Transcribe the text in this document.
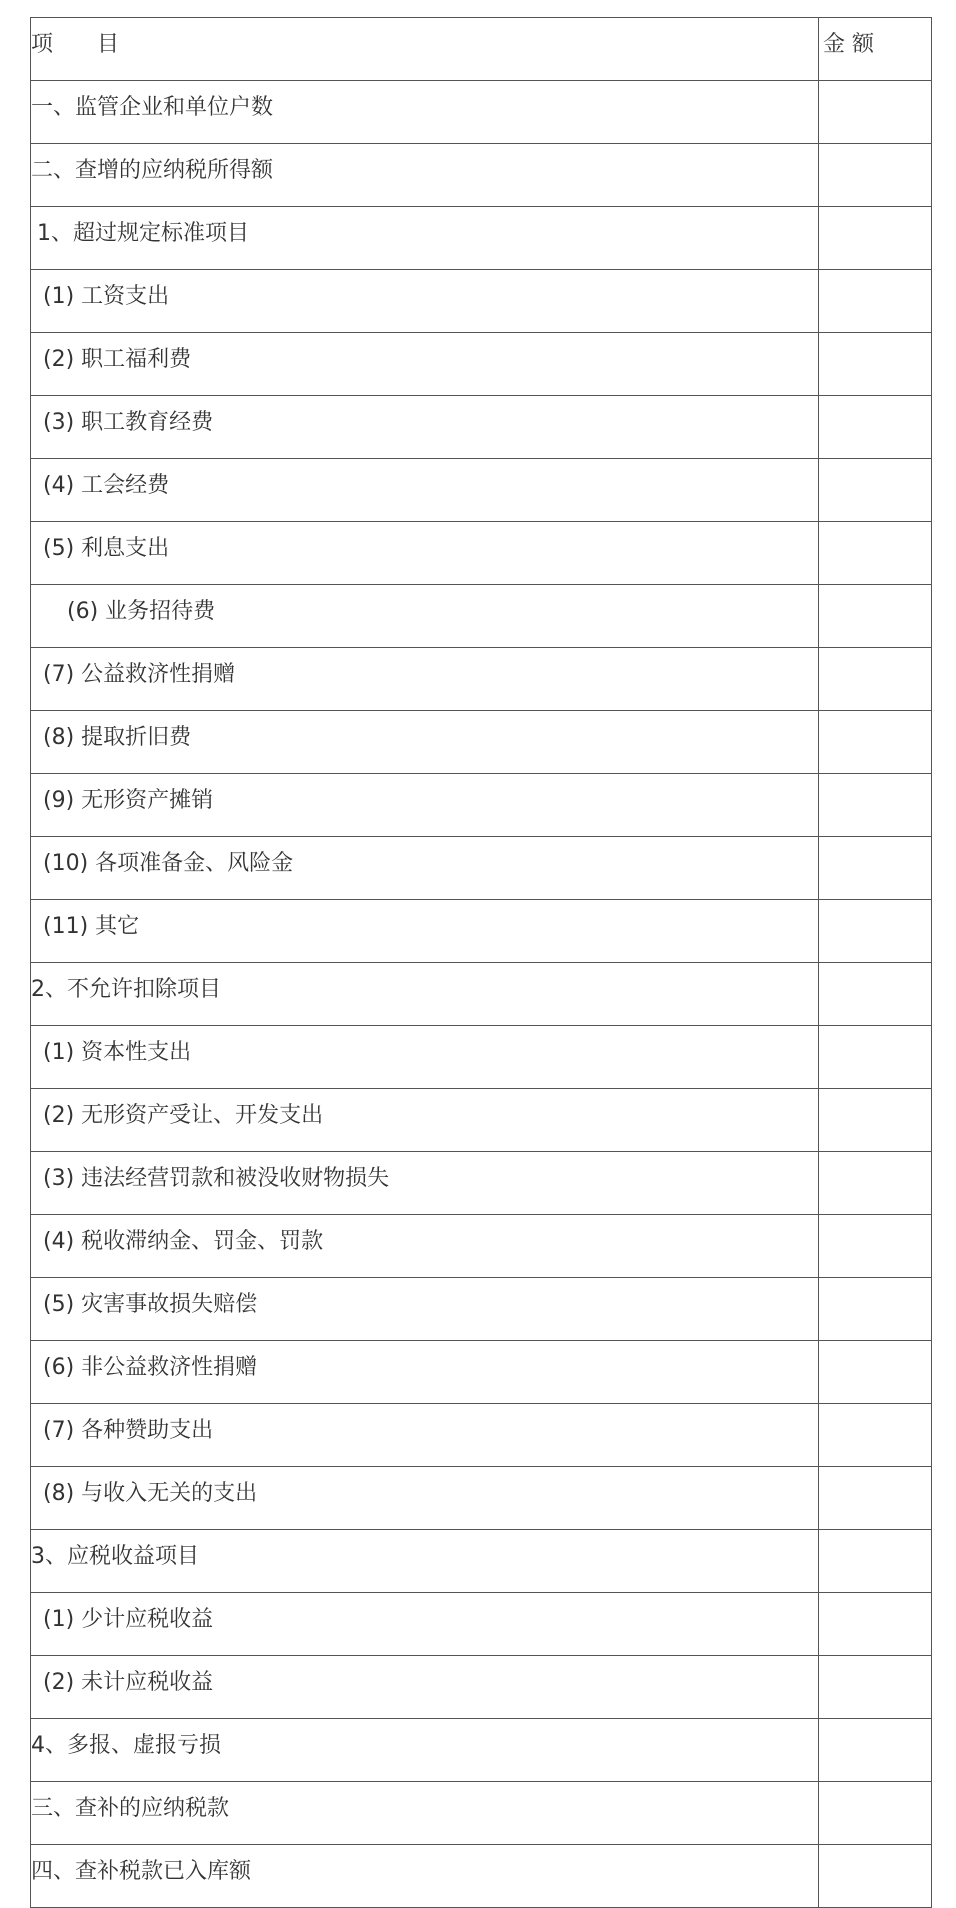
项　　目	金 额

一、监管企业和单位户数	

二、查增的应纳税所得额	

1、超过规定标准项目	

(1) 工资支出	

(2) 职工福利费	

(3) 职工教育经费	

(4) 工会经费	

(5) 利息支出	

(6) 业务招待费	

(7) 公益救济性捐赠	

(8) 提取折旧费	

(9) 无形资产摊销	

(10) 各项准备金、风险金	

(11) 其它	

2、不允许扣除项目	

(1) 资本性支出	

(2) 无形资产受让、开发支出	

(3) 违法经营罚款和被没收财物损失	

(4) 税收滞纳金、罚金、罚款	

(5) 灾害事故损失赔偿	

(6) 非公益救济性捐赠	

(7) 各种赞助支出	

(8) 与收入无关的支出	

3、应税收益项目	

(1) 少计应税收益	

(2) 未计应税收益	

4、多报、虚报亏损	

三、查补的应纳税款	

四、查补税款已入库额	
